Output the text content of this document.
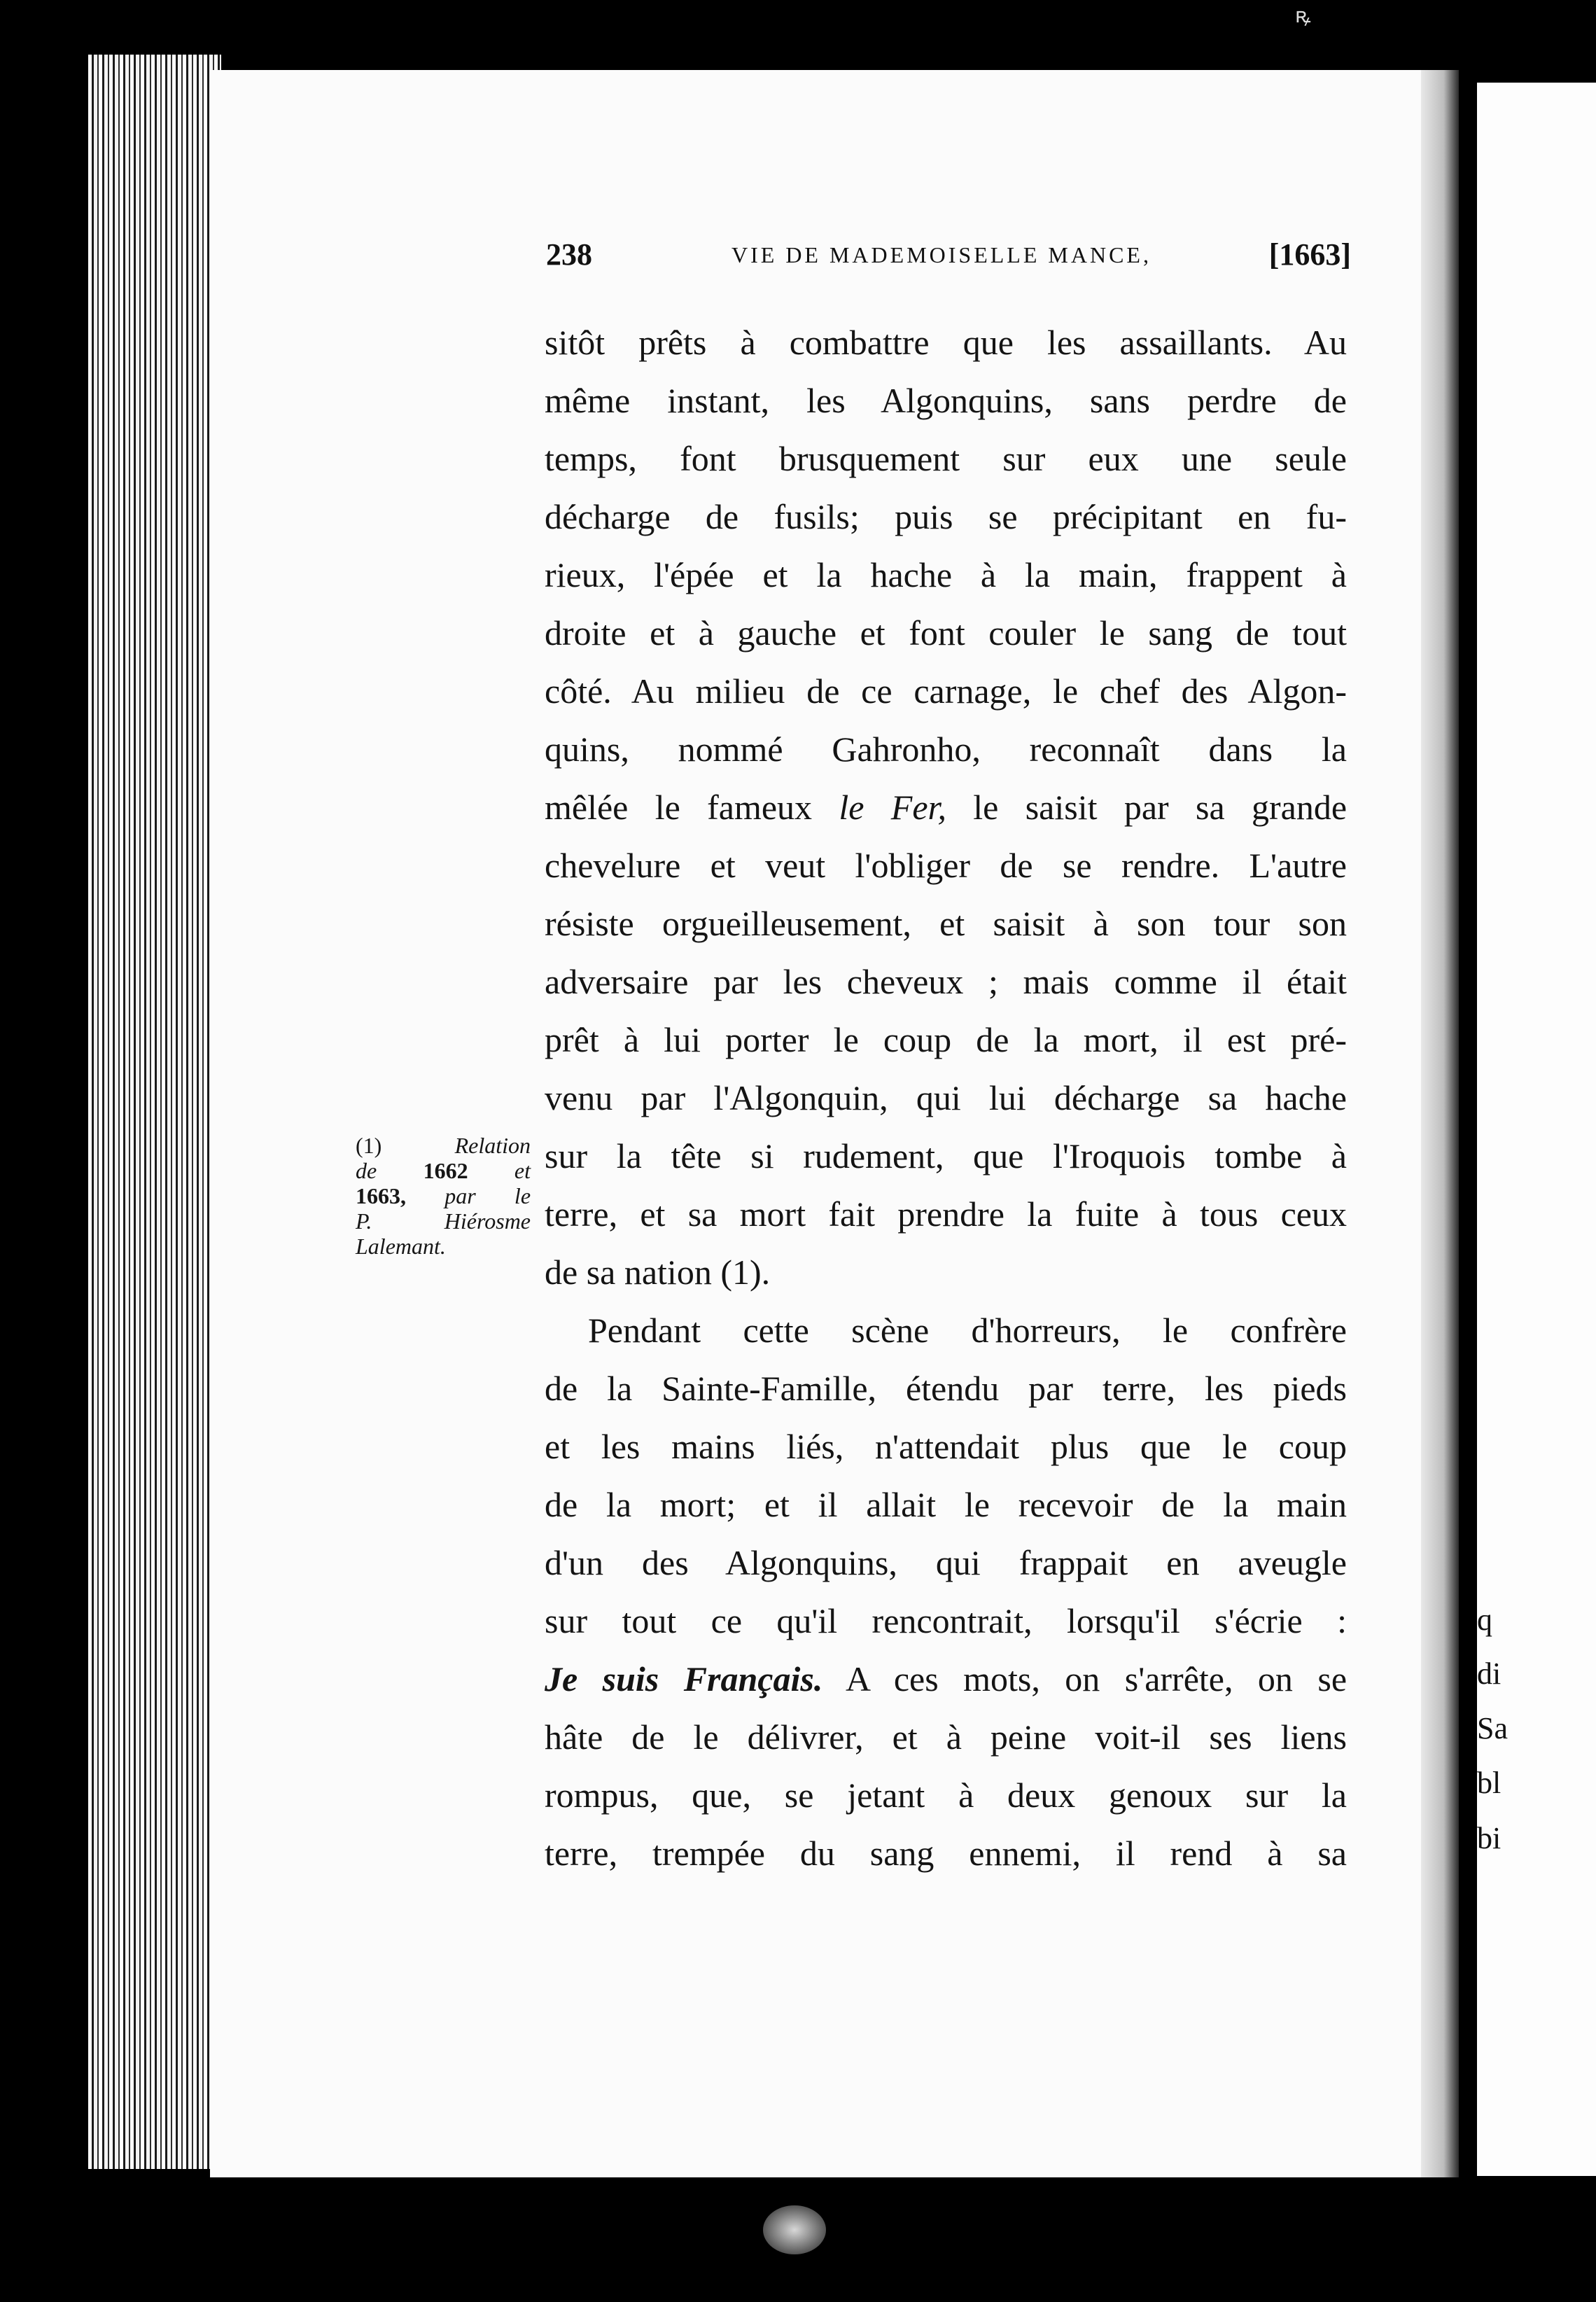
ꝶ
q
di
Sa
bl
bi
238	VIE DE MADEMOISELLE MANCE,	[1663]
sitôt prêts à combattre que les assaillants. Au
même instant, les Algonquins, sans perdre de
temps, font brusquement sur eux une seule
décharge de fusils; puis se précipitant en fu-
rieux, l'épée et la hache à la main, frappent à
droite et à gauche et font couler le sang de tout
côté. Au milieu de ce carnage, le chef des Algon-
quins, nommé Gahronho, reconnaît dans la
mêlée le fameux le Fer, le saisit par sa grande
chevelure et veut l'obliger de se rendre. L'autre
résiste orgueilleusement, et saisit à son tour son
adversaire par les cheveux ; mais comme il était
prêt à lui porter le coup de la mort, il est pré-
venu par l'Algonquin, qui lui décharge sa hache
sur la tête si rudement, que l'Iroquois tombe à
terre, et sa mort fait prendre la fuite à tous ceux
de sa nation (1).
Pendant cette scène d'horreurs, le confrère
de la Sainte-Famille, étendu par terre, les pieds
et les mains liés, n'attendait plus que le coup
de la mort; et il allait le recevoir de la main
d'un des Algonquins, qui frappait en aveugle
sur tout ce qu'il rencontrait, lorsqu'il s'écrie :
Je suis Français. A ces mots, on s'arrête, on se
hâte de le délivrer, et à peine voit-il ses liens
rompus, que, se jetant à deux genoux sur la
terre, trempée du sang ennemi, il rend à sa
(1)	Relation
de 1662 et
1663, par le
P. Hiérosme
Lalemant.
